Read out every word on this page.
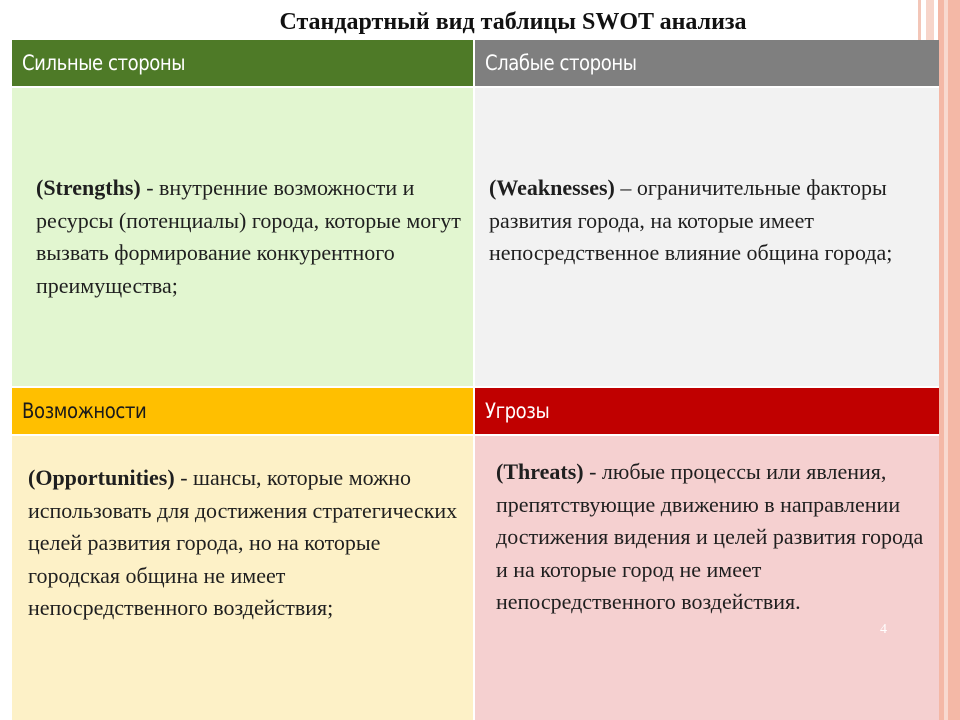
Стандартный вид таблицы SWOT анализа
Сильные стороны	Слабые стороны
(Strengths) - внутренние возможности и ресурсы (потенциалы) города, которые могут вызвать формирование конкурентного преимущества;
(Weaknesses) – ограничительные факторы развития города, на которые имеет непосредственное влияние община города;
Возможности	Угрозы
(Opportunities) - шансы, которые можно использовать для достижения стратегических целей развития города, но на которые городская община не имеет непосредственного воздействия;
(Threats) - любые процессы или явления, препятствующие движению в направлении достижения видения и целей развития города и на которые город не имеет непосредственного воздействия.
4
